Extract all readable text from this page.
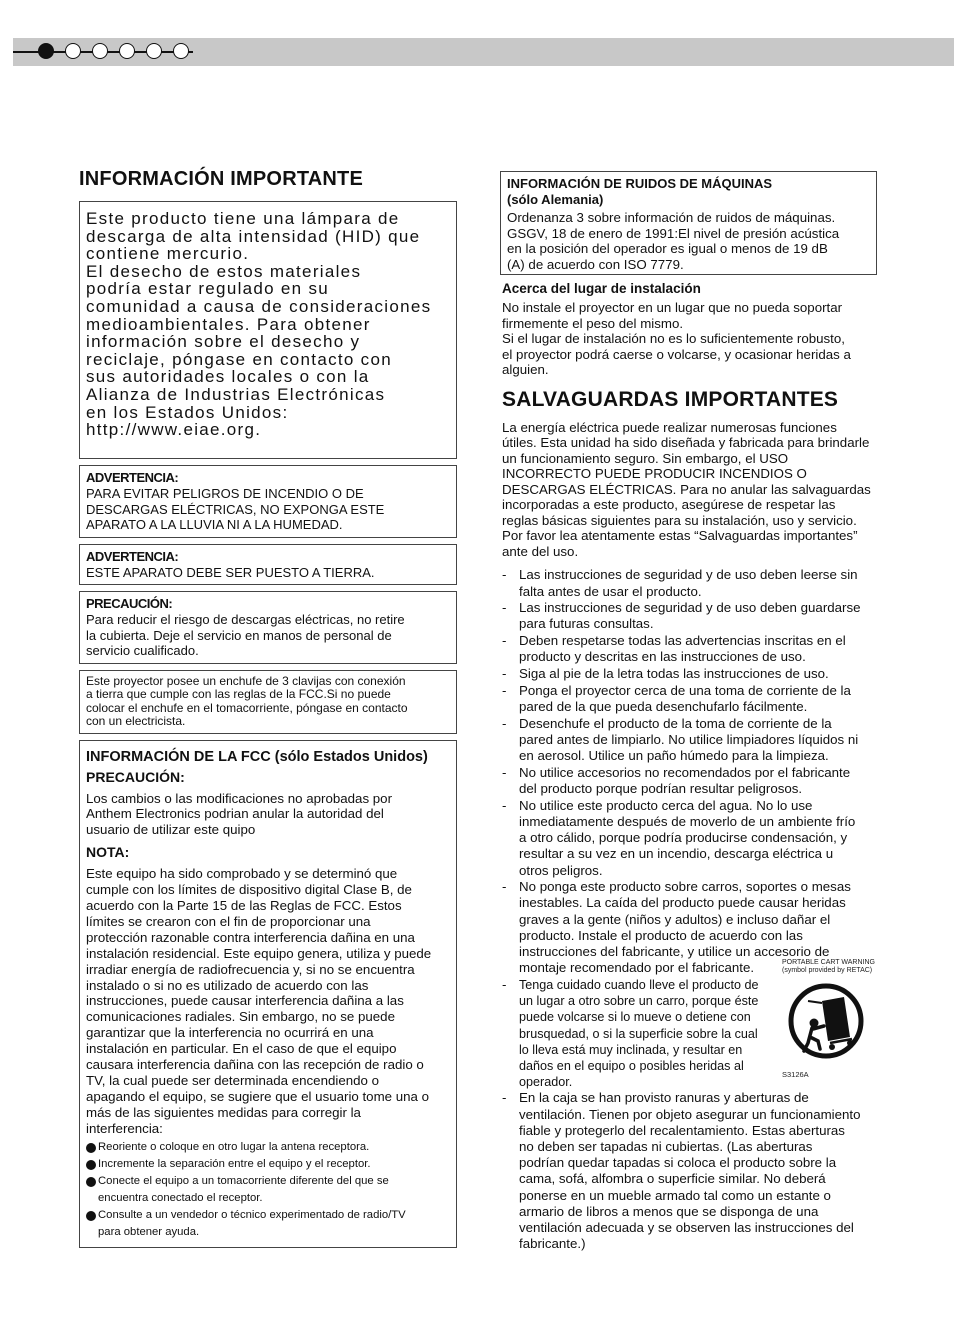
INFORMACIÓN IMPORTANTE

Este producto tiene una lámpara de

descarga de alta intensidad (HID) que

contiene mercurio.

El desecho de estos materiales

podría estar regulado en su

comunidad a causa de consideraciones

medioambientales. Para obtener

información sobre el desecho y

reciclaje, póngase en contacto con

sus autoridades locales o con la

Alianza de Industrias Electrónicas

en los Estados Unidos:

http://www.eiae.org.

ADVERTENCIA:

PARA EVITAR PELIGROS DE INCENDIO O DE

DESCARGAS ELÉCTRICAS, NO EXPONGA ESTE

APARATO A LA LLUVIA NI A LA HUMEDAD.

ADVERTENCIA:

ESTE APARATO DEBE SER PUESTO A TIERRA.

PRECAUCIÓN:

Para reducir el riesgo de descargas eléctricas, no retire

la cubierta. Deje el servicio en manos de personal de

servicio cualificado.

Este proyector posee un enchufe de 3 clavijas con conexión

a tierra que cumple con las reglas de la FCC.Si no puede

colocar el enchufe en el tomacorriente, póngase en contacto

con un electricista.

INFORMACIÓN DE LA FCC (sólo Estados Unidos)

PRECAUCIÓN:

Los cambios o las modificaciones no aprobadas por

Anthem Electronics podrian anular la autoridad del

usuario de utilizar este quipo

NOTA:

Este equipo ha sido comprobado y se determinó que

cumple con los límites de dispositivo digital Clase B, de

acuerdo con la Parte 15 de las Reglas de FCC. Estos

límites se crearon con el fin de proporcionar una

protección razonable contra interferencia dañina en una

instalación residencial. Este equipo genera, utiliza y puede

irradiar energía de radiofrecuencia y, si no se encuentra

instalado o si no es utilizado de acuerdo con las

instrucciones, puede causar interferencia dañina a las

comunicaciones radiales. Sin embargo, no se puede

garantizar que la interferencia no ocurrirá en una

instalación en particular. En el caso de que el equipo

causara interferencia dañina con las recepción de radio o

TV, la cual puede ser determinada encendiendo o

apagando el equipo, se sugiere que el usuario tome una o

más de las siguientes medidas para corregir la

interferencia:

Reoriente o coloque en otro lugar la antena receptora.
Incremente la separación entre el equipo y el receptor.
Conecte el equipo a un tomacorriente diferente del que se
encuentra conectado el receptor.
Consulte a un vendedor o técnico experimentado de radio/TV
para obtener ayuda.

INFORMACIÓN DE RUIDOS DE MÁQUINAS

(sólo Alemania)

Ordenanza 3 sobre información de ruidos de máquinas.

GSGV, 18 de enero de 1991:El nivel de presión acústica

en la posición del operador es igual o menos de 19 dB

(A) de acuerdo con ISO 7779.

Acerca del lugar de instalación

No instale el proyector en un lugar que no pueda soportar

firmemente el peso del mismo.

Si el lugar de instalación no es lo suficientemente robusto,

el proyector podrá caerse o volcarse, y ocasionar heridas a

alguien.

SALVAGUARDAS IMPORTANTES

La energía eléctrica puede realizar numerosas funciones

útiles. Esta unidad ha sido diseñada y fabricada para brindarle

un funcionamiento seguro. Sin embargo, el USO

INCORRECTO PUEDE PRODUCIR INCENDIOS O

DESCARGAS ELÉCTRICAS. Para no anular las salvaguardas

incorporadas a este producto, asegúrese de respetar las

reglas básicas siguientes para su instalación, uso y servicio.

Por favor lea atentamente estas “Salvaguardas importantes”

ante del uso.

- Las instrucciones de seguridad y de uso deben leerse sin
falta antes de usar el producto.
- Las instrucciones de seguridad y de uso deben guardarse
para futuras consultas.
- Deben respetarse todas las advertencias inscritas en el
producto y descritas en las instrucciones de uso.
- Siga al pie de la letra todas las instrucciones de uso.
- Ponga el proyector cerca de una toma de corriente de la
pared de la que pueda desenchufarlo fácilmente.
- Desenchufe el producto de la toma de corriente de la
pared antes de limpiarlo. No utilice limpiadores líquidos ni
en aerosol. Utilice un paño húmedo para la limpieza.
- No utilice accesorios no recomendados por el fabricante
del producto porque podrían resultar peligrosos.
- No utilice este producto cerca del agua. No lo use
inmediatamente después de moverlo de un ambiente frío
a otro cálido, porque podría producirse condensación, y
resultar a su vez en un incendio, descarga eléctrica u
otros peligros.
- No ponga este producto sobre carros, soportes o mesas
inestables. La caída del producto puede causar heridas
graves a la gente (niños y adultos) e incluso dañar el
producto. Instale el producto de acuerdo con las
instrucciones del fabricante, y utilice un accesorio de
montaje recomendado por el fabricante.
- Tenga cuidado cuando lleve el producto de
un lugar a otro sobre un carro, porque éste
puede volcarse si lo mueve o detiene con
brusquedad, o si la superficie sobre la cual
lo lleva está muy inclinada, y resultar en
daños en el equipo o posibles heridas al
operador.
PORTABLE CART WARNING
(symbol provided by RETAC)
S3126A
- En la caja se han provisto ranuras y aberturas de
ventilación. Tienen por objeto asegurar un funcionamiento
fiable y protegerlo del recalentamiento. Estas aberturas
no deben ser tapadas ni cubiertas. (Las aberturas
podrían quedar tapadas si coloca el producto sobre la
cama, sofá, alfombra o superficie similar. No deberá
ponerse en un mueble armado tal como un estante o
armario de libros a menos que se disponga de una
ventilación adecuada y se observen las instrucciones del
fabricante.)
